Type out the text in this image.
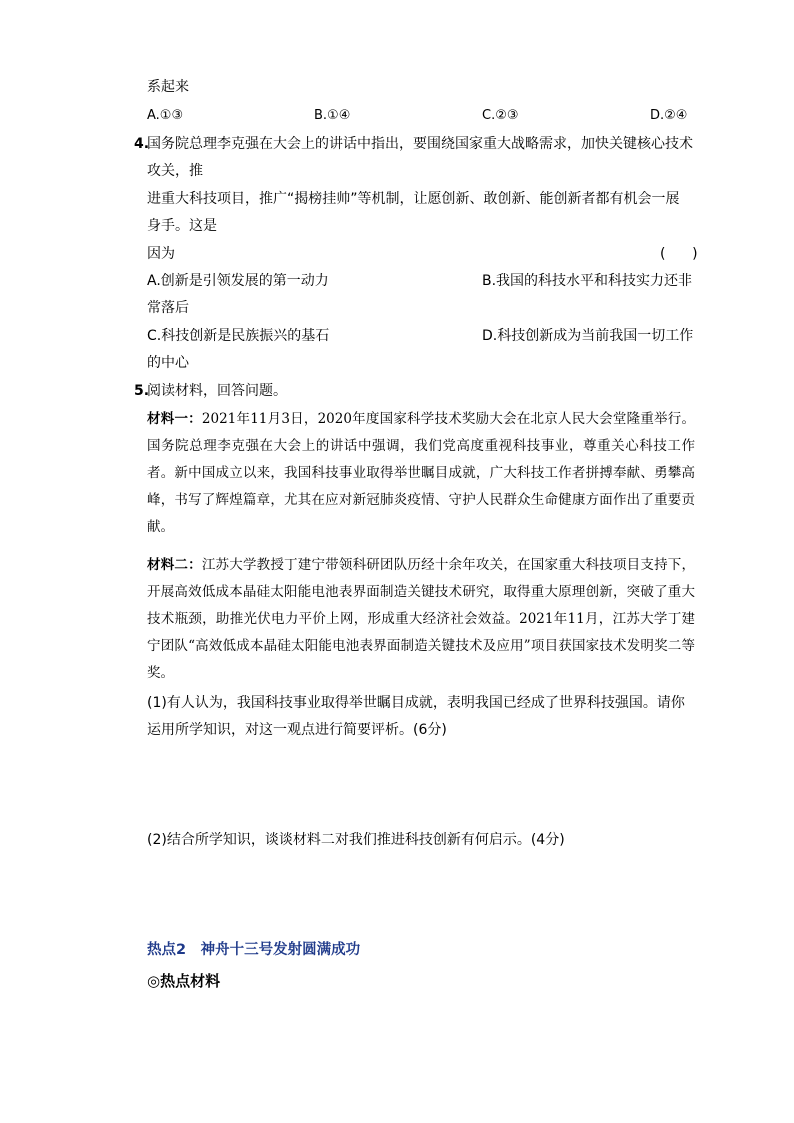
系起来
A.①③	B.①④	C.②③	D.②④
4.
国务院总理李克强在大会上的讲话中指出，要围绕国家重大战略需求，加快关键核心技术
攻关，推
进重大科技项目，推广“揭榜挂帅”等机制，让愿创新、敢创新、能创新者都有机会一展
身手。这是
因为	(      )
A.创新是引领发展的第一动力	B.我国的科技水平和科技实力还非
常落后
C.科技创新是民族振兴的基石	D.科技创新成为当前我国一切工作
的中心
5.
阅读材料，回答问题。
材料一：2021年11月3日，2020年度国家科学技术奖励大会在北京人民大会堂隆重举行。国务院总理李克强在大会上的讲话中强调，我们党高度重视科技事业，尊重关心科技工作者。新中国成立以来，我国科技事业取得举世瞩目成就，广大科技工作者拼搏奉献、勇攀高峰，书写了辉煌篇章，尤其在应对新冠肺炎疫情、守护人民群众生命健康方面作出了重要贡献。
材料二：江苏大学教授丁建宁带领科研团队历经十余年攻关，在国家重大科技项目支持下，开展高效低成本晶硅太阳能电池表界面制造关键技术研究，取得重大原理创新，突破了重大技术瓶颈，助推光伏电力平价上网，形成重大经济社会效益。2021年11月，江苏大学丁建宁团队“高效低成本晶硅太阳能电池表界面制造关键技术及应用”项目获国家技术发明奖二等奖。
(1)有人认为，我国科技事业取得举世瞩目成就，表明我国已经成了世界科技强国。请你运用所学知识，对这一观点进行简要评析。(6分)
(2)结合所学知识，谈谈材料二对我们推进科技创新有何启示。(4分)
热点2　神舟十三号发射圆满成功
◎热点材料
